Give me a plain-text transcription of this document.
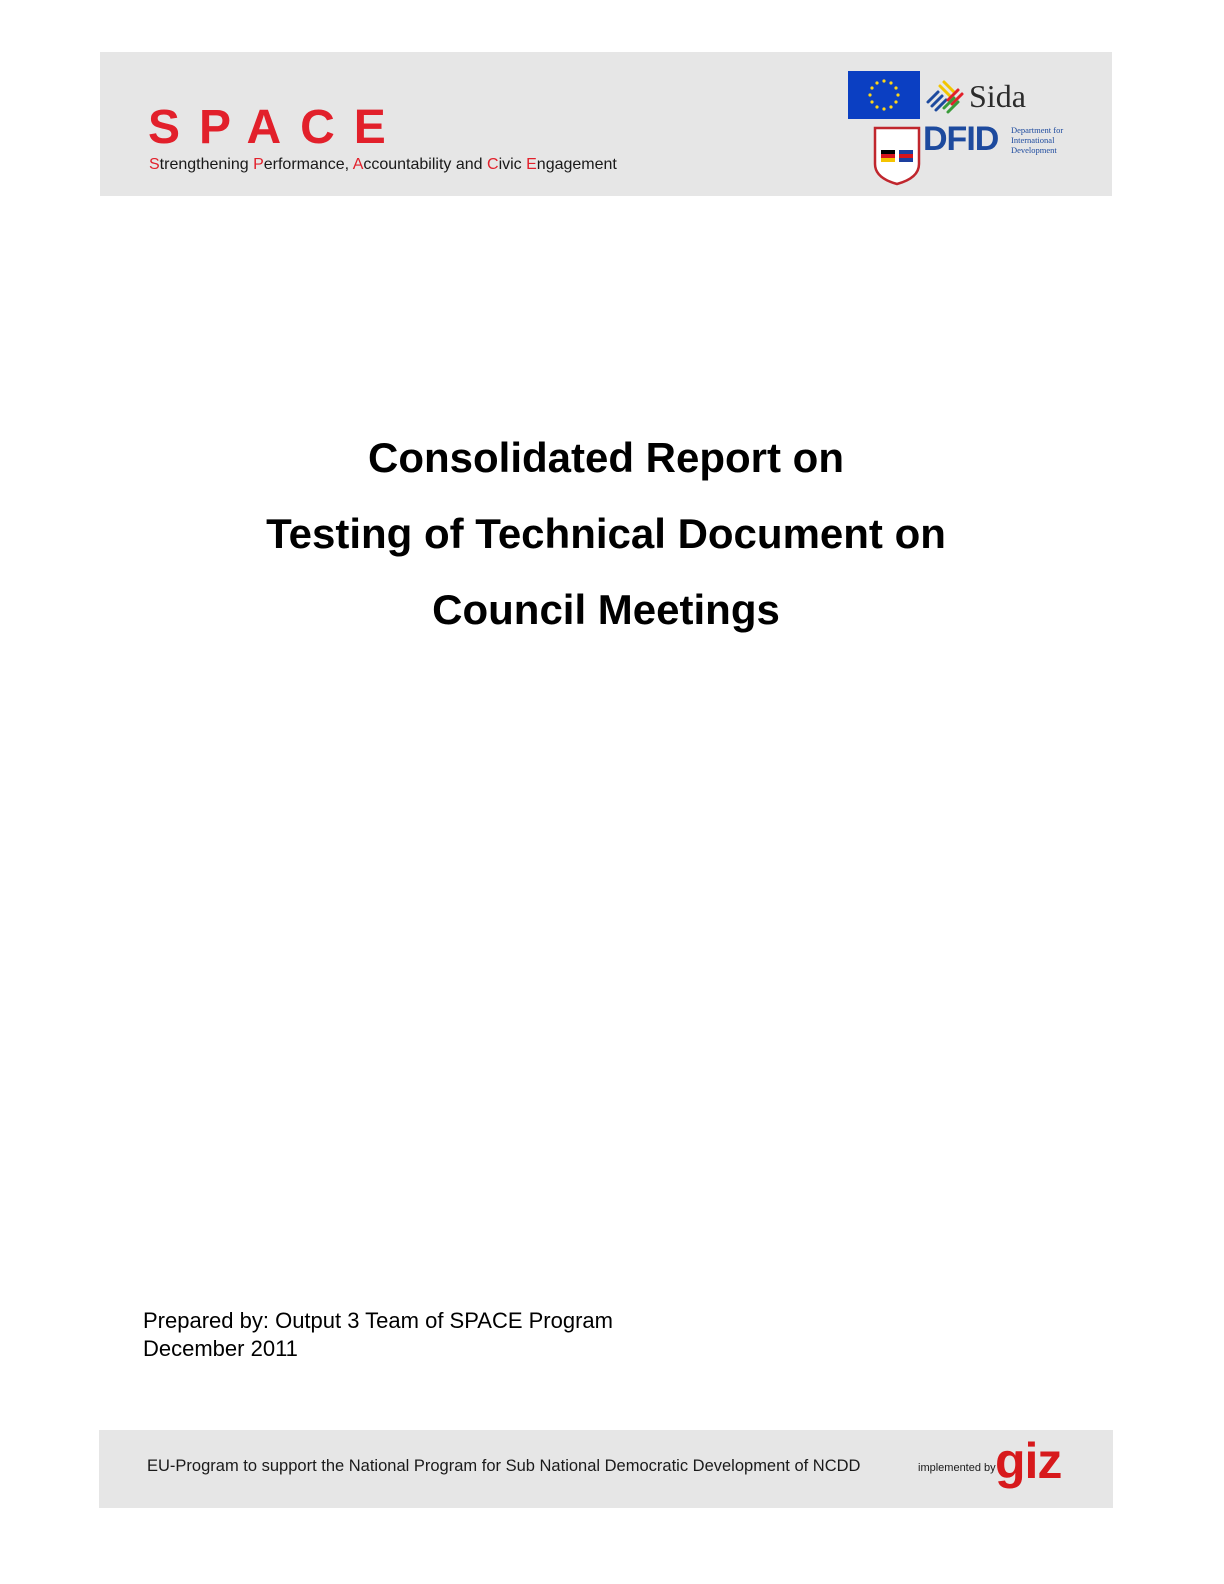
SPACE
Strengthening Performance, Accountability and Civic Engagement
Sida
DFID Department for
International
Development
Consolidated Report on
Testing of Technical Document on
Council Meetings
Prepared by: Output 3 Team of SPACE Program
December 2011
EU-Program to support the National Program for Sub National Democratic Development of NCDD	implemented by giz
